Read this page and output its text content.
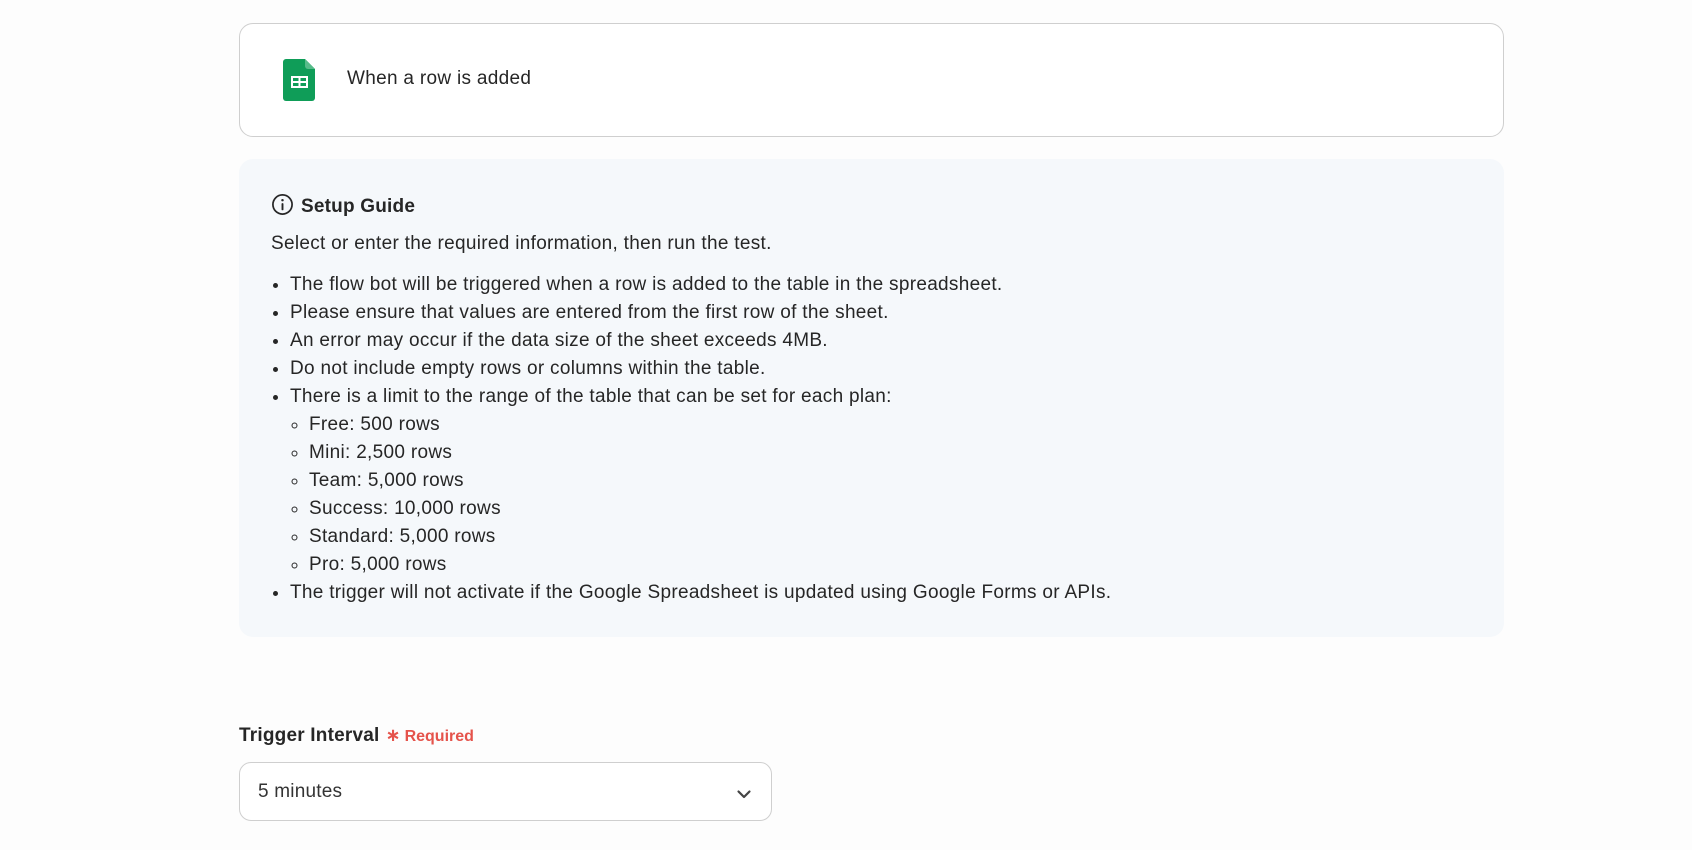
When a row is added
Setup Guide
Select or enter the required information, then run the test.
• The flow bot will be triggered when a row is added to the table in the spreadsheet.
• Please ensure that values are entered from the first row of the sheet.
• An error may occur if the data size of the sheet exceeds 4MB.
• Do not include empty rows or columns within the table.
• There is a limit to the range of the table that can be set for each plan:
◦ Free: 500 rows
◦ Mini: 2,500 rows
◦ Team: 5,000 rows
◦ Success: 10,000 rows
◦ Standard: 5,000 rows
◦ Pro: 5,000 rows
• The trigger will not activate if the Google Spreadsheet is updated using Google Forms or APIs.
Trigger Interval ∗ Required
5 minutes
